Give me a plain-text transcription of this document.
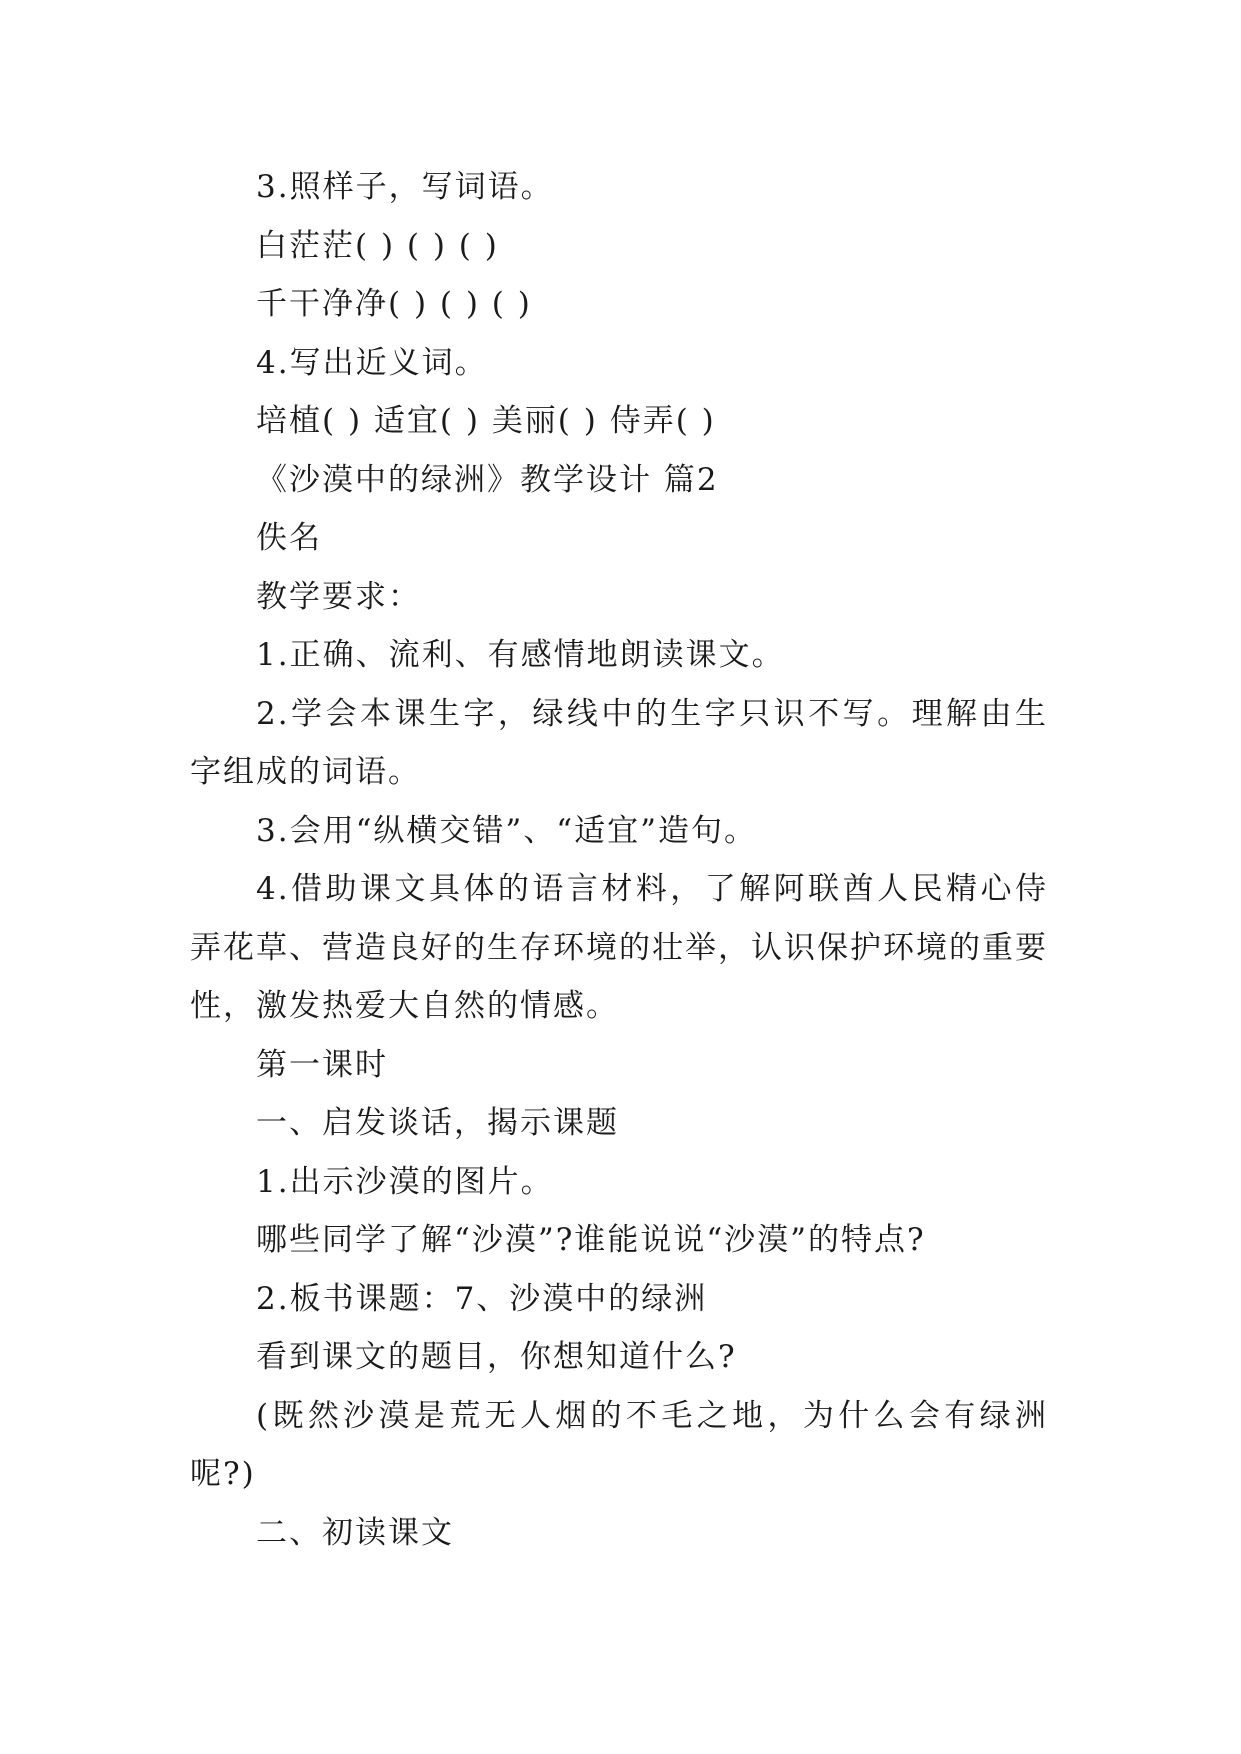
3.照样子，写词语。

白茫茫( ) ( ) ( )

千干净净( ) ( ) ( )

4.写出近义词。

培植( ) 适宜( ) 美丽( ) 侍弄( )

《沙漠中的绿洲》教学设计 篇2

佚名

教学要求：

1.正确、流利、有感情地朗读课文。

2.学会本课生字，绿线中的生字只识不写。理解由生字组成的词语。

3.会用“纵横交错”、“适宜”造句。

4.借助课文具体的语言材料，了解阿联酋人民精心侍弄花草、营造良好的生存环境的壮举，认识保护环境的重要性，激发热爱大自然的情感。

第一课时

一、启发谈话，揭示课题

1.出示沙漠的图片。

哪些同学了解“沙漠”?谁能说说“沙漠”的特点?

2.板书课题：7、沙漠中的绿洲

看到课文的题目，你想知道什么?

(既然沙漠是荒无人烟的不毛之地，为什么会有绿洲呢?)

二、初读课文
